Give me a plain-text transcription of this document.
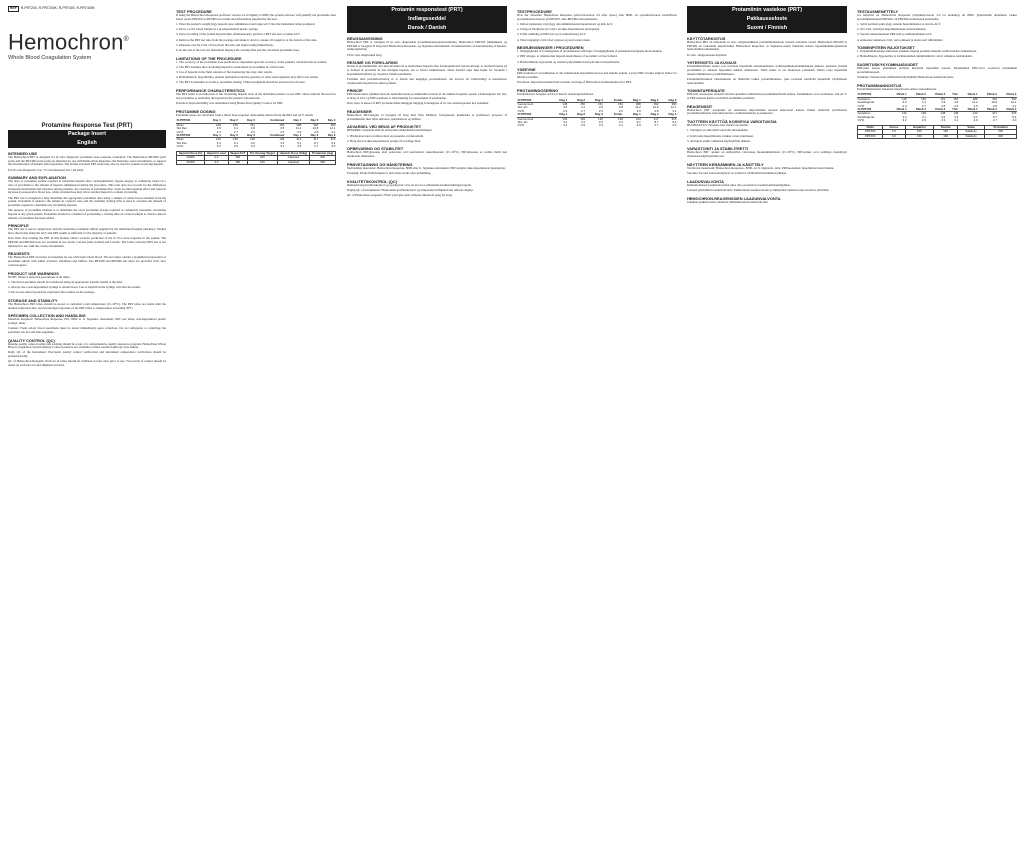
REF	R-PRT200, R-PRT200K, R-PRT400, R-PRT400K
Hemochron®
Whole Blood Coagulation System
Protamine Response Test (PRT)
Package Insert
English
INTENDED USE

The Hemochron PRT is designed for in vitro diagnostic protamine dose response evaluation. The Hemochron PRT200 (tech pack) and the PRT400 (tech pack) are intended for use with Hemochron Response and Signature series instruments, to support the neutralization of heparin anticoagulation. The bottles activated PRT assay may also be used for patients receiving heparin.

For In vitro Diagnostic Use / For Professional Use / Rx Only

SUMMARY AND EXPLANATION

The dose of protamine sulfate required to neutralize heparin after cardiopulmonary bypass surgery is commonly based on a ratio of protamine to the amount of heparin administered during the procedure. This ratio does not account for the differences in heparin metabolism and clearance among patients. An overdose of protamine may create an anticoagulant effect and result in increased postoperative blood loss, while an underdose may allow residual heparin to remain circulating.

The PRT test is designed to help determine the appropriate protamine dose using a sample of whole blood obtained from the patient. Protamine is added to the sample in a known ratio and the resulting clotting time is used to calculate the amount of protamine required to neutralize the circulating heparin.

The purpose of protamine titration is to determine the exact protamine dosage required to completely neutralize circulating heparin at any given patient. Protamine titration is a method of performing a clotting time on a blood sample to which a known amount of protamine has been added.

PRINCIPLE

The PRT test is run in conjunction with the neutralize protamine sulfate supplied by the individual hospital pharmacy. Studies have shown that using the ACT and PRT results is sufficient for the majority of patients.

Data show that running the PRT in this manner allows accurate prediction of the in vivo dose response in the patient. The PRT200 and PRT400 tests are available in two forms: Cuvette (tube format) and Cuvette. The Celite activated PRT test is not intended for use with the cuvette instruments.

REAGENTS

The Hemochron PRT test tubes are intended for use with fresh whole blood. The test tubes contain a lyophilized preparation of protamine sulfate with added activator, stabilizers and buffers. The PRT200 and PRT400 test tubes are provided with color coded stoppers.

PRODUCT USE WARNINGS

NOTE: Observe universal precautions at all times.

1. The blood specimen should be transferred using an appropriate transfer needle to the tube.

2. Always use a non-heparinized syringe to obtain blood. Use of heparin in the syringe will alter the results.

3. Do not use tubes beyond the expiration date printed on the package.

STORAGE AND STABILITY

The Hemochron PRT tubes should be stored at controlled room temperature (15–30°C). The PRT tubes are stable until the marked expiration date. Avoid prolonged exposure of the PRT tubes to temperatures exceeding 30°C.

SPECIMEN COLLECTION AND HANDLING

Materials Required: Hemochron Response, 801, 8000 or Jr. Signature instrument; PRT test tubes; non-heparinized plastic syringe; timer.

Caution: Fresh whole blood specimens must be tested immediately upon collection. Do not refrigerate or centrifuge the specimen. Do not add anticoagulants.

QUALITY CONTROL (QC)

Routine quality control testing and tracking should be a part of a comprehensive quality assurance program. Hemochron Whole Blood Coagulation System Quality Control products are available to make routine liquid QC tests simple.

Daily QC of the Instrument: Electronic quality control verification and instrument temperature verification should be performed daily.

QC of Hemochron Reagents: Each lot of tubes should be validated at least once prior to use. Two levels of control should be tested on each new lot and shipment received.

TEST PROCEDURE

If using the Hemochron Response (software version 2.0 or higher) or 8000, the system software will quantify the protamine dose based on the PRT200 or PRT400 test results and information supplied by the user.

1. Enter the patient's weight (kg), heparin dose administered and target ACT into the instrument when prompted.

2. Draw a 2 mL blood sample in a non-heparinized plastic syringe.

3. Once recording of the patient heparin time, simultaneously perform a PRT test and a routine ACT.

4. Remove the PRT test tube from the package and shake it down to ensure all reagent is at the bottom of the tube.

5. Dispense exactly 2 mL of blood into the tube and begin testing immediately.

6. At the end of the test, the instrument displays the clotting time and the calculated protamine dose.

LIMITATIONS OF THE PROCEDURE

1. The accuracy of the protamine dose prediction is dependent upon the accuracy of the patient's calculated blood volume.

2. The PRT assumes that circulating heparin is neutralized by protamine in a fixed ratio.

3. Use of heparin in the flush solution of the monitoring line may alter results.

4. Hemodilution, hypothermia, platelet dysfunction and the presence of other anticoagulants may affect test results.

5. The PRT is intended as an aid to protamine dosing. Clinical judgment should be exercised in all cases.

PERFORMANCE CHARACTERISTICS

The PRT result is an indication of the circulating heparin level of the individual patient. Lower PRT values indicate the need for less protamine to neutralize the heparin in the patient's bloodstream.

Precision: Reproducibility was determined using Hemochron Quality Control for PRT.

PROTAMINE DOSING

Protamine doses are calculated from a linear dose response relationship derived from the PRT and ACT results.

R-PRT200	Day 1	Day 2	Day 3	Combined	Day 1	Day 2	Day 3
Mean	148	150	151	150	388	392	390
Std Dev	3.6	4.1	3.9	3.8	11.2	10.8	12.1
CV%	2.4	2.7	2.6	2.5	2.9	2.8	3.1
R-PRT400	Day 1	Day 2	Day 3	Combined	Day 1	Day 2	Day 3
Mean	136	139	138	138	313	317	315
Std Dev	4.4	4.1	4.6	4.3	9.1	8.7	9.4
CV%	3.2	2.9	3.3	3.1	2.9	2.7	3.0
Heparin Dose (U)	Heparin Level	Target ACT	Pro Dosing Target	Heparin Dose (U/kg)	Protamine (mg)
20000	2.0	150	160	Adjusted	200
30000	3.0	150	160	Adjusted	300
Protamin responstest (PRT)
Indlægsseddel
Dansk / Danish
BRUGSANVISNING

Hemochron PRT er beregnet til in vitro diagnostisk protamindosisresponsvurdering. Hemochron PRT200 (teknikkens) og PRT400 er beregnet til brug med Hemochron Response- og Signature-instrumenter til understøttelse af neutralisering af heparin-antikoagulering.

Til in vitro diagnostisk brug

RESUMÉ OG FORKLARING

Dosen af protaminsulfat, der skal anvendes til at neutralisere heparin efter kardiopulmonær bypass-kirurgi, er normalt baseret på et forhold af protamin til den mængde heparin, der er blevet administreret. Dette forhold tager ikke højde for forskelle i heparinmetabolisme og clearance blandt patienterne.

Formålet med protamin-titrering er at fastslå den nøjagtige protamindosis, der kræves for fuldstændigt at neutralisere cirkulerende heparin hos enhver patient.

PRINCIP

PRT-testen køres sammen med det neutraliserende protaminsulfat leveret af det enkelte hospitals apotek. Undersøgelser har vist, at brug af ACT og PRT-resultater er tilstrækkeligt for størstedelen af patienterne.

Data viser, at kørsel af PRT på denne måde muliggør nøjagtig forudsigelse af in vivo-dosisresponset hos patienten.

REAGENSER

Hemochron PRT-testglas er beregnet til brug med frisk fuldblod. Testglassene indeholder et lyofiliseret præparat af protaminsulfat med tilsat aktivator, stabilisatorer og buffere.

ADVARSEL VED BRUG AF PRODUKTET

BEMÆRK: Overhold altid de universelle sikkerhedsforanstaltninger.

1. Blodprøven skal overføres med en passende overførselsnål.

2. Brug altid en ikke-hepariniseret sprøjte til at udtage blod.

OPBEVARING OG STABILITET

Hemochron PRT-glassene skal opbevares ved kontrolleret stuetemperatur (15–30°C). PRT-glassene er stabile indtil den markerede udløbsdato.

PRØVETAGNING OG HÅNDTERING

Nødvendige materialer: Hemochron Response, 8000 eller Jr. Signature-instrument; PRT-testglas; ikke-hepariniseret plastsprøjte.

Forsigtig: Friske fuldblodsprøver skal testes straks efter indsamling.

KVALITETSKONTROL (QC)

Rutinemæssig kvalitetskontrol og sporing bør være en del af et omfattende kvalitetssikringsprogram.

Daglig QC af instrumentet: Elektronisk kvalitetskontrol og temperaturverifikation bør udføres dagligt.

QC af Hemochron-reagenser: Hvert parti glas skal valideres mindst én gang før brug.

TESTPROCEDURE

Hvis der anvendes Hemochron Response (softwareversion 2.0 eller nyere) eller 8000, vil systemsoftwaren kvantificere protamindosen baseret på PRT200- eller PRT400-testresultaterne.

1. Indtast patientens vægt (kg), den administrerede heparindosis og mål-ACT.

2. Udtag en blodprøve på 2 mL i en ikke-hepariniseret plastsprøjte.

3. Udfør samtidig en PRT-test og en rutinemæssig ACT.

4. Tilsæt nøjagtigt 2 mL blod i glasset og start testen straks.

BEGRÆNSNINGER I PROCEDUREN

1. Nøjagtigheden af forudsigelsen af protamindosis afhænger af nøjagtigheden af patientens beregnede blodvolumen.

2. PRT antager, at cirkulerende heparin neutraliseres af protamin i et fast forhold.

3. Hæmodilution, hypotermi og trombocytdysfunktion kan påvirke testresultaterne.

YDEEVNE

PRT-resultatet er en indikation af det cirkulerende heparinniveau hos den enkelte patient. Lavere PRT-værdier angiver behov for mindre protamin.

Præcision: Reproducerbarhed blev bestemt ved brug af Hemochron kvalitetskontrol for PRT.

PROTAMINDOSERING

Protamindoser beregnes ud fra et lineært dosisresponsforhold.

R-PRT200	Dag 1	Dag 2	Dag 3	Komb.	Dag 1	Dag 2	Dag 3
Gennemsnit	148	150	151	150	388	392	390
Std. afv.	3.6	4.1	3.9	3.8	11.2	10.8	12.1
CV%	2.4	2.7	2.6	2.5	2.9	2.8	3.1
R-PRT400	Dag 1	Dag 2	Dag 3	Komb.	Dag 1	Dag 2	Dag 3
Gennemsnit	136	139	138	138	313	317	315
Std. afv.	4.4	4.1	4.6	4.3	9.1	8.7	9.4
CV%	3.2	2.9	3.3	3.1	2.9	2.7	3.0
Protamiinin vastekoe (PRT)
Pakkausseloste
Suomi / Finnish
KÄYTTÖTARKOITUS

Hemochron PRT on tarkoitettu in vitro -diagnostiikkaan protamiiniannoksen vasteen arviointia varten. Hemochron PRT200 ja PRT400 on tarkoitettu käytettäväksi Hemochron Response- ja Signature-sarjan laitteiden kanssa hepariiniantikoagulaation neutraloinnin tukemiseksi.

In vitro -diagnostiseen käyttöön

YHTEENVETO JA KUVAUS

Protamiinisulfaatin annos, jota tarvitaan hepariinin neutraloimiseksi sydän-keuhkokoneleikkauksen jälkeen, perustuu yleensä protamiinin ja annetun hepariinin määrän suhteeseen. Tämä suhde ei ota huomioon potilaiden välisiä eroja hepariinin aineenvaihdunnassa ja puhdistumassa.

Protamiinititrauksen tarkoituksena on määrittää tarkka protamiiniannos, joka tarvitaan kiertävän hepariinin täydelliseen neutralointiin.

TOIMINTAPERIAATE

PRT-testi suoritetaan yhdessä sairaala-apteekin toimittaman protamiinisulfaatin kanssa. Tutkimukset ovat osoittaneet, että ACT- ja PRT-tulosten käyttö on riittävä useimmille potilaille.

REAGENSSIT

Hemochron PRT -koeputket on tarkoitettu käytettäväksi tuoreen kokoveren kanssa. Putket sisältävät lyofilisoitua protamiinisulfaattia sekä aktivaattoria, stabilointiaineita ja puskureita.

TUOTTEEN KÄYTTÖÄ KOSKEVIA VAROITUKSIA

HUOMAUTUS: Noudata aina yleisiä varotoimia.

1. Verinäyte on siirrettävä sopivalla siirtoneulalla.

2. Käytä aina hepariinitonta ruiskua veren ottamiseen.

3. Älä käytä putkia viimeisen käyttöpäivän jälkeen.

VARASTOINTI JA STABILITEETTI

Hemochron PRT -putket on säilytettävä valvotussa huoneenlämmössä (15–30°C). PRT-putket ovat stabiileja merkittyyn viimeiseen käyttöpäivään asti.

NÄYTTEEN KERÄÄMINEN JA KÄSITTELY

Tarvittavat materiaalit: Hemochron Response-, 8000- tai Jr. Signature -laite; PRT-koeputket; hepariiniton muoviruisku.

Varoitus: Tuoreet kokoverinäytteet on testattava välittömästi keräämisen jälkeen.

LAADUNVALVONTA

Rutiininomaisen laadunvalvonnan tulee olla osa kattavaa laadunvarmistusohjelmaa.

Laitteen päivittäinen laadunvalvonta: Elektroninen laadunvalvonta ja lämpötilan tarkistus tulee suorittaa päivittäin.

HEMOCHRON-REAGENSSIEN LAADUNVALVONTA

Jokainen putkierä tulee validoida vähintään kerran ennen käyttöä.

TESTAUSMENETTELY

Jos käytössä on Hemochron Response (ohjelmistoversio 2.0 tai uudempi) tai 8000, järjestelmän ohjelmisto laskee protamiiniannoksen PRT200- tai PRT400-testitulosten perusteella.

1. Syötä potilaan paino (kg), annettu hepariiniannos ja tavoite-ACT.

2. Ota 2 mL verinäyte hepariinittomaan muoviruiskuun.

3. Suorita samanaikaisesti PRT-testi ja rutiininomainen ACT.

4. Annostele tarkalleen 2 mL verta putkeen ja aloita testi välittömästi.

TOIMENPITEEN RAJOITUKSET

1. Protamiiniannoksen ennusteen tarkkuus riippuu potilaan lasketun veritilavuuden tarkkuudesta.

2. Hemodiluutio, hypotermia ja verihiutaleiden toimintahäiriöt voivat vaikuttaa testituloksiin.

SUORITUSKYKYOMINAISUUDET

PRT-tulos kertoo yksittäisen potilaan kiertävän hepariinin tasosta. Matalammat PRT-arvot osoittavat pienemmän protamiinitarpeen.

Tarkkuus: Toistettavuus määritettiin käyttämällä Hemochron-laadunvalvontaa.

PROTAMIINIANNOSTUS

Protamiiniannokset lasketaan lineaarisesta annos-vastesuhteesta.

R-PRT200	Päivä 1	Päivä 2	Päivä 3	Yhd.	Päivä 1	Päivä 2	Päivä 3
Keskiarvo	148	150	151	150	388	392	390
Keskihajonta	3.6	4.1	3.9	3.8	11.2	10.8	12.1
CV%	2.4	2.7	2.6	2.5	2.9	2.8	3.1
R-PRT400	Päivä 1	Päivä 2	Päivä 3	Yhd.	Päivä 1	Päivä 2	Päivä 3
Keskiarvo	136	139	138	138	313	317	315
Keskihajonta	4.4	4.1	4.6	4.3	9.1	8.7	9.4
CV%	3.2	2.9	3.3	3.1	2.9	2.7	3.0
Putki	Annos	Hepariini	Tavoite	Vaste	Protamiini
PRT200	2.0	150	160	Säädetty	200
PRT400	3.0	150	160	Säädetty	300
